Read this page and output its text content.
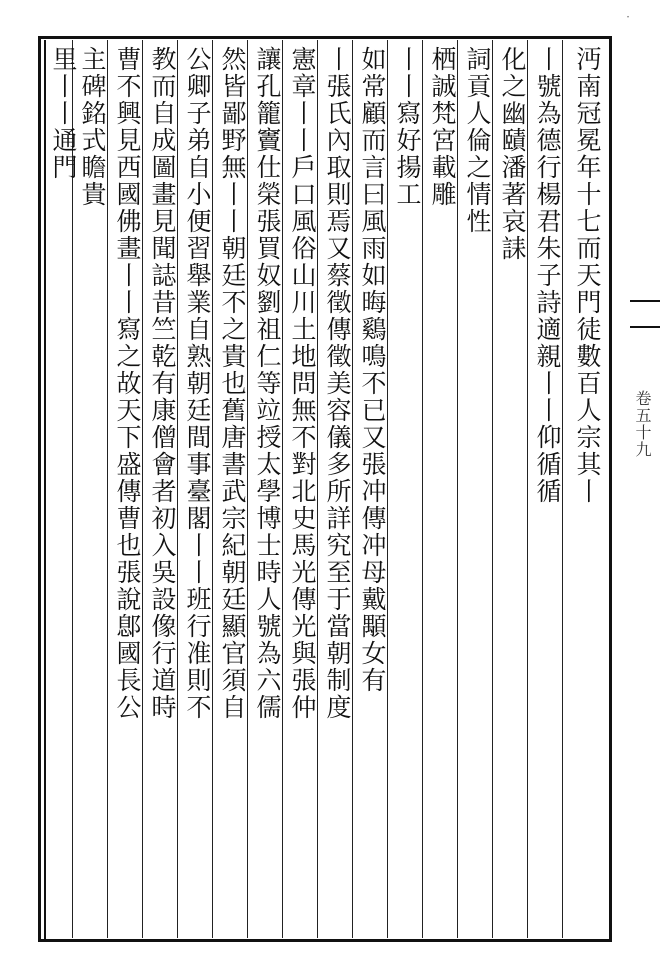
·
卷五十九
沔南冠冕年十七而天門徒數百人宗其丨
丨號為德行楊君朱子詩適親丨丨仰循循
化之幽賾潘著哀誄
詞貢人倫之情性
栖誠梵宮載雕
丨丨寫好揚工
如常顧而言曰風雨如晦鷄鳴不已又張冲傳冲母戴顒女有
丨張氏內取則焉又蔡徵傳徵美容儀多所詳究至于當朝制度
憲章丨丨戶口風俗山川土地問無不對北史馬光傳光與張仲
讓孔籠竇仕榮張買奴劉祖仁等竝授太學博士時人號為六儒
然皆鄙野無丨丨朝廷不之貴也舊唐書武宗紀朝廷顯官須自
公卿子弟自小便習舉業自熟朝廷間事臺閣丨丨班行准則不
教而自成圖畫見聞誌昔竺乾有康僧會者初入吳設像行道時
曹不興見西國佛畫丨丨寫之故天下盛傳曹也張說鄎國長公
主碑銘式瞻貴
里丨丨通門
